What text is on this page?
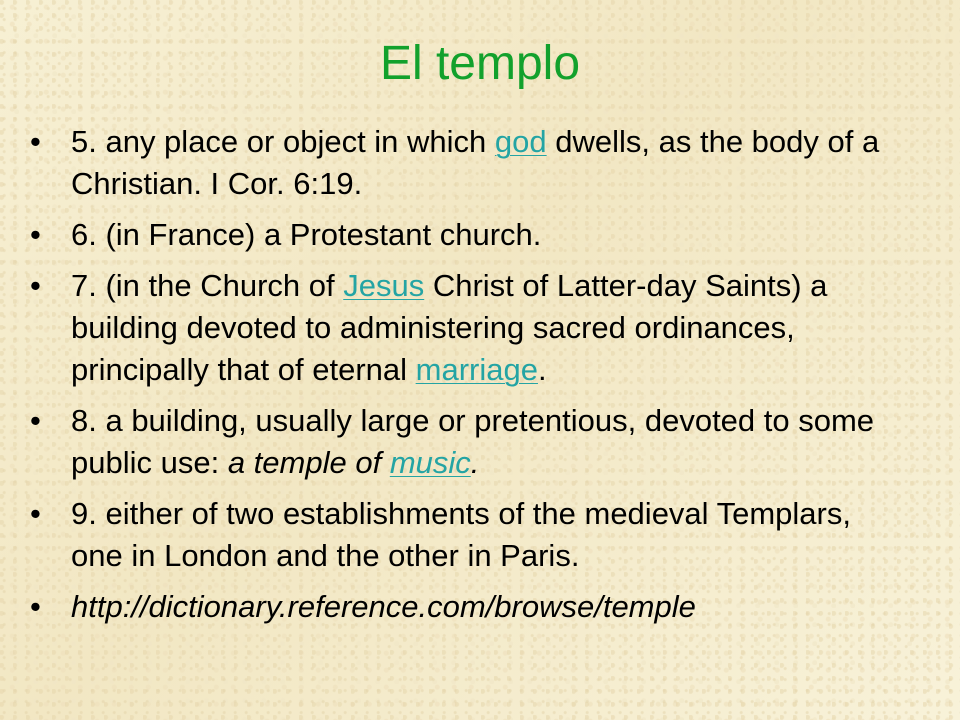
El templo
• 5. any place or object in which god dwells, as the body of a Christian. I Cor. 6:19.
• 6. (in France) a Protestant church.
• 7. (in the Church of Jesus Christ of Latter-day Saints) a building devoted to administering sacred ordinances, principally that of eternal marriage.
• 8. a building, usually large or pretentious, devoted to some public use: a temple of music.
• 9. either of two establishments of the medieval Templars, one in London and the other in Paris.
• http://dictionary.reference.com/browse/temple
